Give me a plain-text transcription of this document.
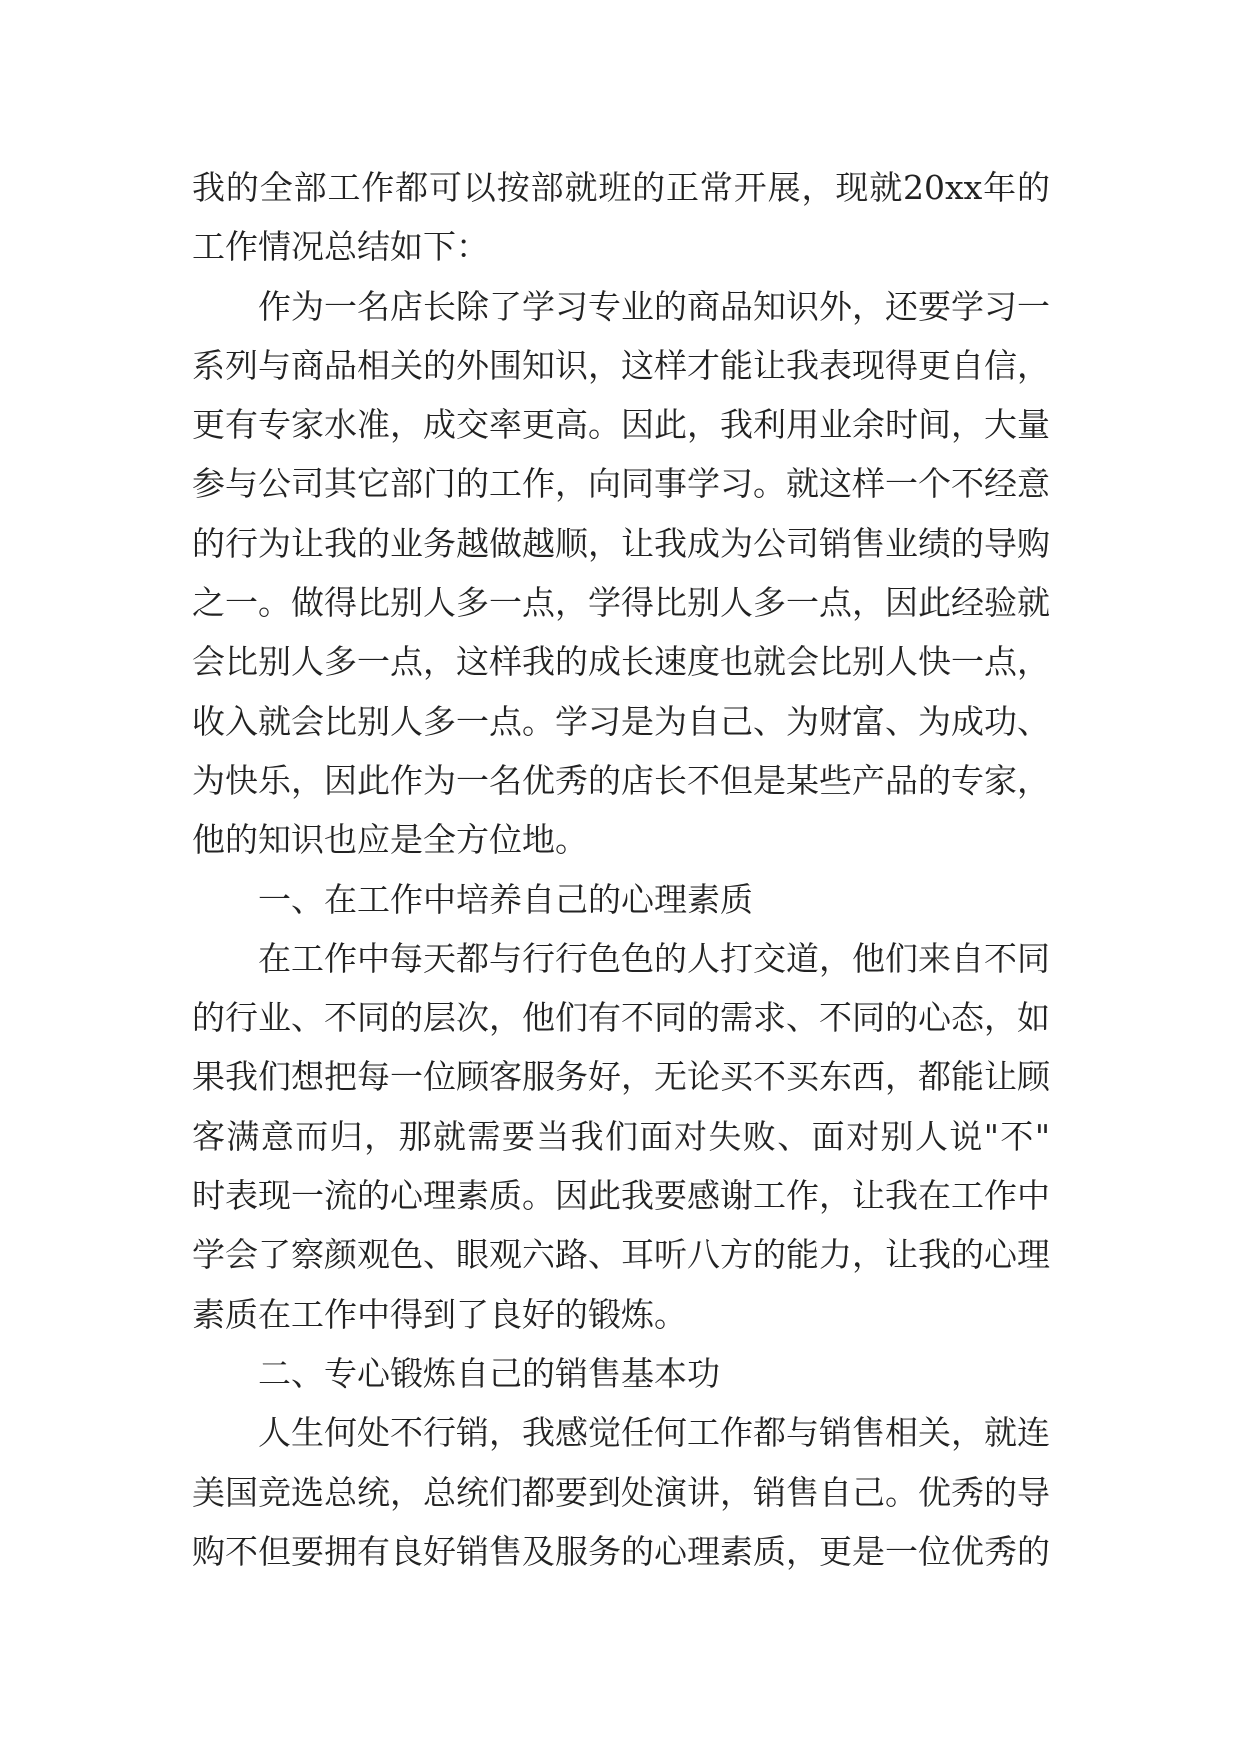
我的全部工作都可以按部就班的正常开展，现就20xx年的
工作情况总结如下：
作为一名店长除了学习专业的商品知识外，还要学习一
系列与商品相关的外围知识，这样才能让我表现得更自信，
更有专家水准，成交率更高。因此，我利用业余时间，大量
参与公司其它部门的工作，向同事学习。就这样一个不经意
的行为让我的业务越做越顺，让我成为公司销售业绩的导购
之一。做得比别人多一点，学得比别人多一点，因此经验就
会比别人多一点，这样我的成长速度也就会比别人快一点，
收入就会比别人多一点。学习是为自己、为财富、为成功、
为快乐，因此作为一名优秀的店长不但是某些产品的专家，
他的知识也应是全方位地。
一、在工作中培养自己的心理素质
在工作中每天都与行行色色的人打交道，他们来自不同
的行业、不同的层次，他们有不同的需求、不同的心态，如
果我们想把每一位顾客服务好，无论买不买东西，都能让顾
客满意而归，那就需要当我们面对失败、面对别人说"不"
时表现一流的心理素质。因此我要感谢工作，让我在工作中
学会了察颜观色、眼观六路、耳听八方的能力，让我的心理
素质在工作中得到了良好的锻炼。
二、专心锻炼自己的销售基本功
人生何处不行销，我感觉任何工作都与销售相关，就连
美国竞选总统，总统们都要到处演讲，销售自己。优秀的导
购不但要拥有良好销售及服务的心理素质，更是一位优秀的
